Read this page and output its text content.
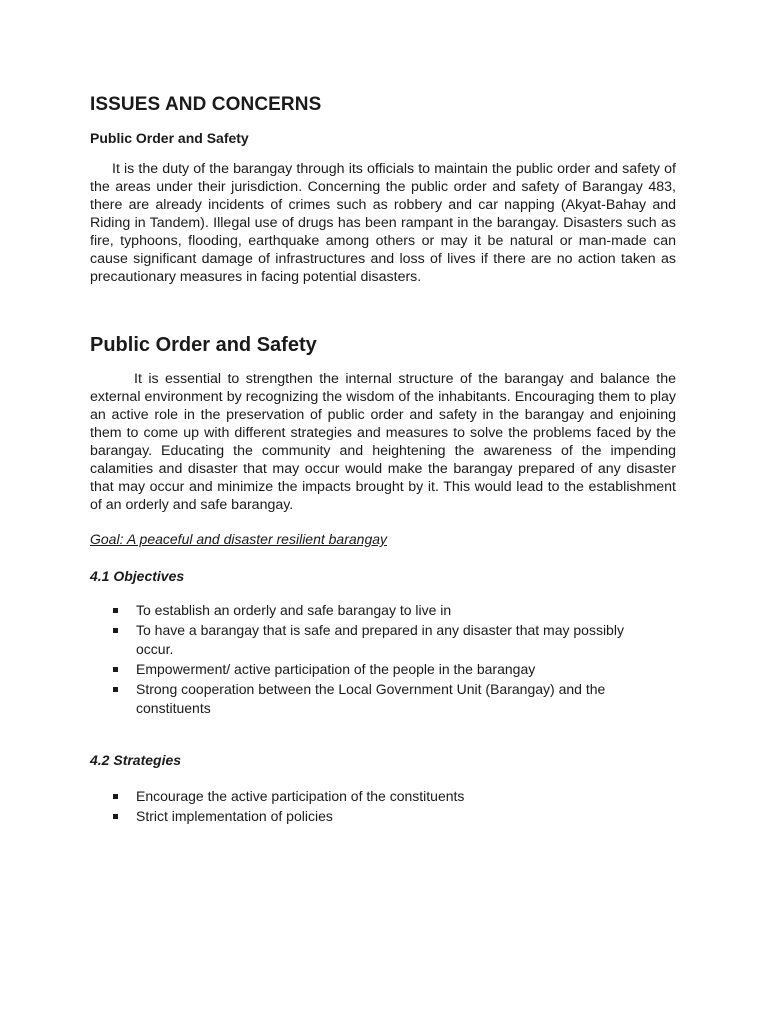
ISSUES AND CONCERNS
Public Order and Safety

It is the duty of the barangay through its officials to maintain the public order and safety of the areas under their jurisdiction. Concerning the public order and safety of Barangay 483, there are already incidents of crimes such as robbery and car napping (Akyat-Bahay and Riding in Tandem). Illegal use of drugs has been rampant in the barangay. Disasters such as fire, typhoons, flooding, earthquake among others or may it be natural or man-made can cause significant damage of infrastructures and loss of lives if there are no action taken as precautionary measures in facing potential disasters.

Public Order and Safety

It is essential to strengthen the internal structure of the barangay and balance the external environment by recognizing the wisdom of the inhabitants. Encouraging them to play an active role in the preservation of public order and safety in the barangay and enjoining them to come up with different strategies and measures to solve the problems faced by the barangay. Educating the community and heightening the awareness of the impending calamities and disaster that may occur would make the barangay prepared of any disaster that may occur and minimize the impacts brought by it. This would lead to the establishment of an orderly and safe barangay.

Goal: A peaceful and disaster resilient barangay

4.1 Objectives
To establish an orderly and safe barangay to live in
To have a barangay that is safe and prepared in any disaster that may possibly occur.
Empowerment/ active participation of the people in the barangay
Strong cooperation between the Local Government Unit (Barangay) and the constituents
4.2 Strategies
Encourage the active participation of the constituents
Strict implementation of policies
